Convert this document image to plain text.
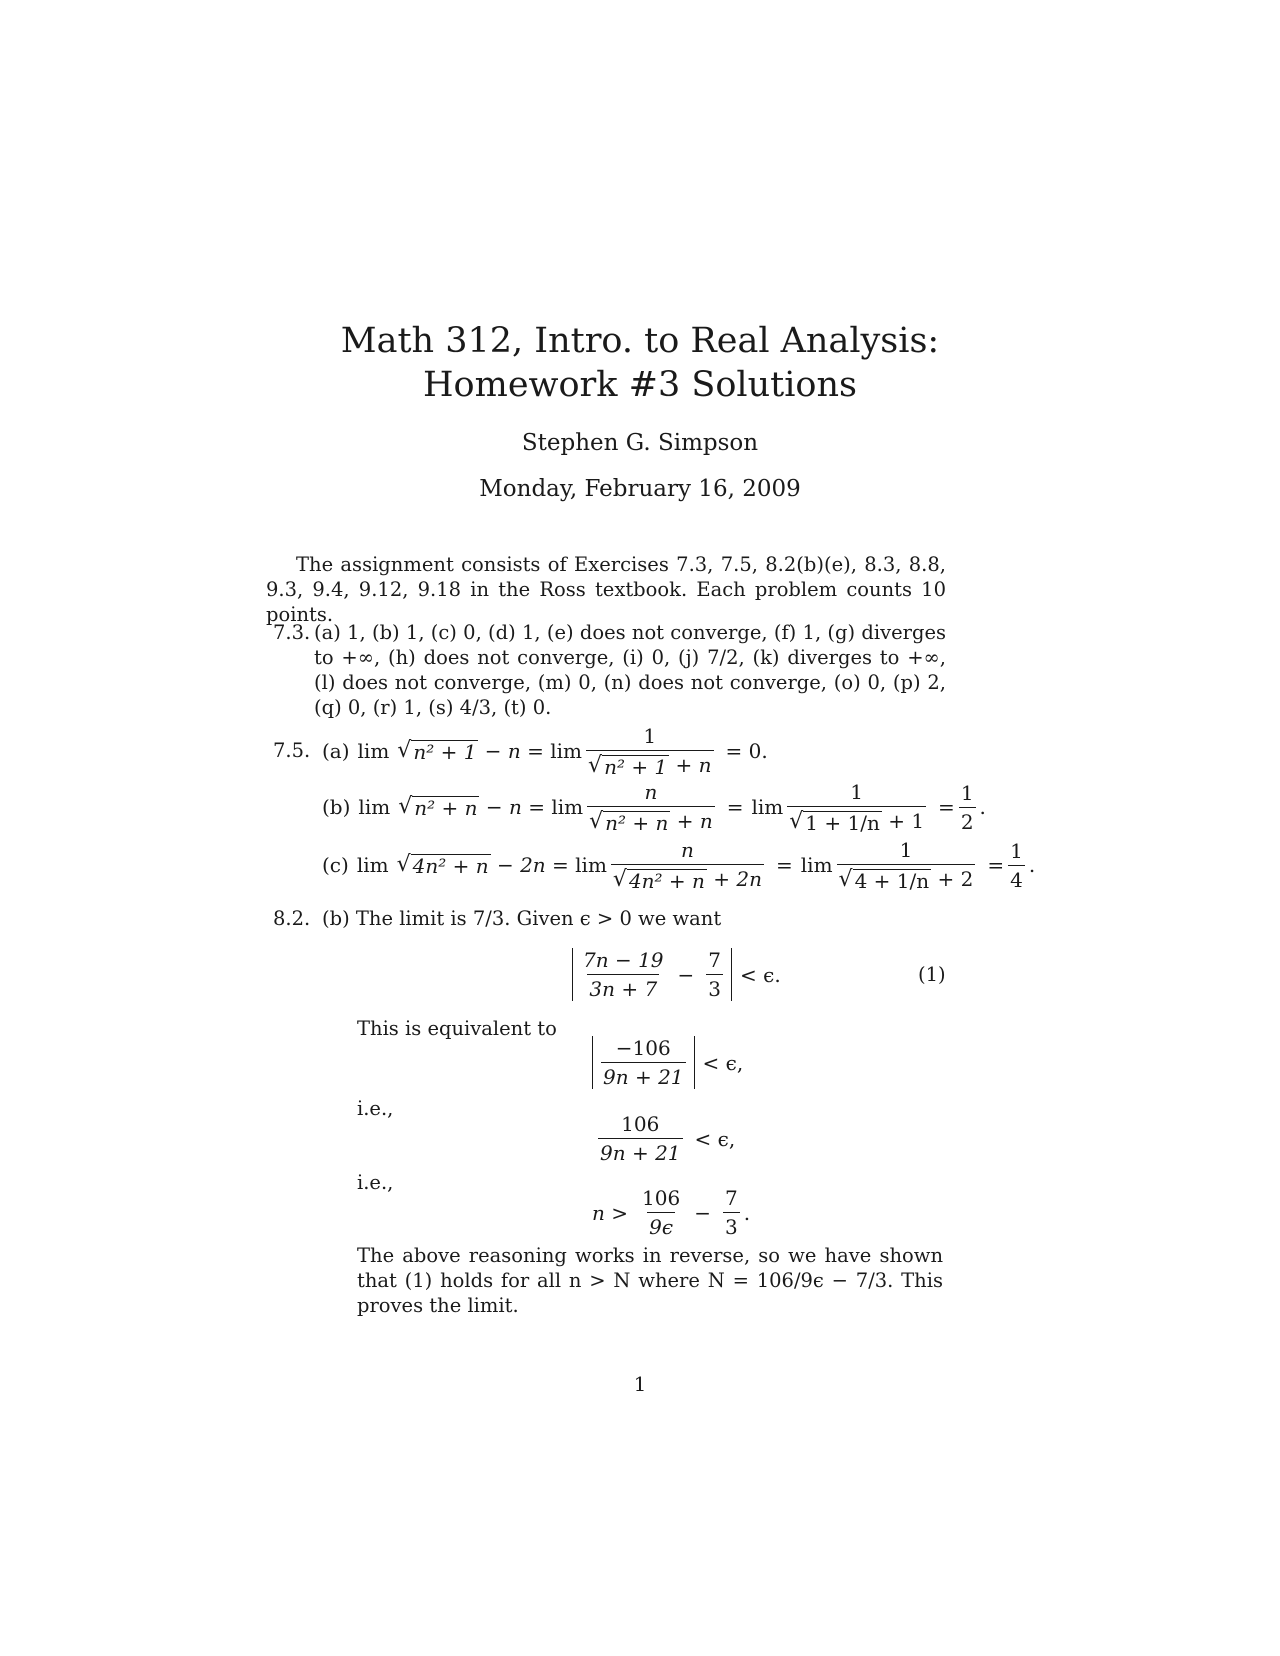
Math 312, Intro. to Real Analysis:
Homework #3 Solutions
Stephen G. Simpson
Monday, February 16, 2009
The assignment consists of Exercises 7.3, 7.5, 8.2(b)(e), 8.3, 8.8, 9.3, 9.4, 9.12, 9.18 in the Ross textbook. Each problem counts 10 points.
7.3. (a) 1, (b) 1, (c) 0, (d) 1, (e) does not converge, (f) 1, (g) diverges to +∞, (h) does not converge, (i) 0, (j) 7/2, (k) diverges to +∞, (l) does not converge, (m) 0, (n) does not converge, (o) 0, (p) 2, (q) 0, (r) 1, (s) 4/3, (t) 0.
7.5. (a) lim √ $n^2 + 1 - n = \lim \frac{1}{\text{√ n² + 1 + n}} = 0$.
(b) lim √ $n^2 + n - n = \lim \frac{n}{\text{√ n² + n + n}} = \lim \frac{1}{√ 1 + 1/n + 1} = \frac{1}{2}$ .
(c) lim √ $4n^2 + n - 2n = \lim \frac{n}{\text{√ 4n² + n + 2n}} = \lim \frac{1}{√ 4 + 1/n + 2} = \frac{1}{4}$ .
8.2. (b) The limit is 7/3. Given ϵ > 0 we want
$\frac{7n - 19}{3n + 7} - \frac{7}{3} < \epsilon$.	(1)
This is equivalent to
$\frac{-106}{9n + 21} < \epsilon$,
i.e.,
$\frac{106}{9n + 21} < \epsilon$,
i.e.,
$n > \frac{106}{9\epsilon} - \frac{7}{3}$ .
The above reasoning works in reverse, so we have shown that (1) holds for all n > N where N = 106/9ϵ − 7/3. This proves the limit.
1
